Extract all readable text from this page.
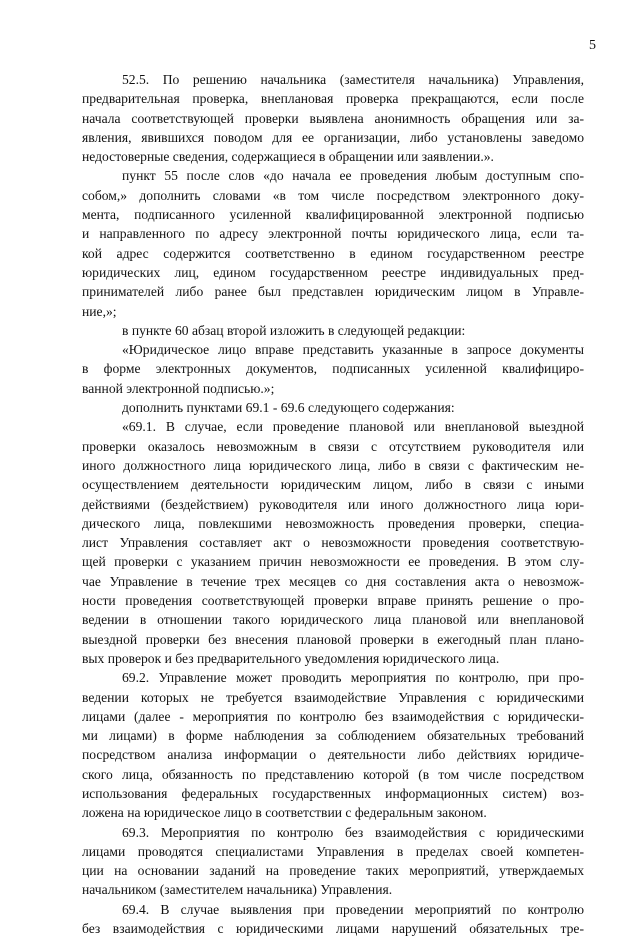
5
52.5. По решению начальника (заместителя начальника) Управления,
предварительная проверка, внеплановая проверка прекращаются, если после
начала соответствующей проверки выявлена анонимность обращения или за-
явления, явившихся поводом для ее организации, либо установлены заведомо
недостоверные сведения, содержащиеся в обращении или заявлении.».
пункт 55 после слов «до начала ее проведения любым доступным спо-
собом,» дополнить словами «в том числе посредством электронного доку-
мента, подписанного усиленной квалифицированной электронной подписью
и направленного по адресу электронной почты юридического лица, если та-
кой адрес содержится соответственно в едином государственном реестре
юридических лиц, едином государственном реестре индивидуальных пред-
принимателей либо ранее был представлен юридическим лицом в Управле-
ние,»;
в пункте 60 абзац второй изложить в следующей редакции:
«Юридическое лицо вправе представить указанные в запросе документы
в форме электронных документов, подписанных усиленной квалифициро-
ванной электронной подписью.»;
дополнить пунктами 69.1 - 69.6 следующего содержания:
«69.1. В случае, если проведение плановой или внеплановой выездной
проверки оказалось невозможным в связи с отсутствием руководителя или
иного должностного лица юридического лица, либо в связи с фактическим не-
осуществлением деятельности юридическим лицом, либо в связи с иными
действиями (бездействием) руководителя или иного должностного лица юри-
дического лица, повлекшими невозможность проведения проверки, специа-
лист Управления составляет акт о невозможности проведения соответствую-
щей проверки с указанием причин невозможности ее проведения. В этом слу-
чае Управление в течение трех месяцев со дня составления акта о невозмож-
ности проведения соответствующей проверки вправе принять решение о про-
ведении в отношении такого юридического лица плановой или внеплановой
выездной проверки без внесения плановой проверки в ежегодный план плано-
вых проверок и без предварительного уведомления юридического лица.
69.2. Управление может проводить мероприятия по контролю, при про-
ведении которых не требуется взаимодействие Управления с юридическими
лицами (далее - мероприятия по контролю без взаимодействия с юридически-
ми лицами) в форме наблюдения за соблюдением обязательных требований
посредством анализа информации о деятельности либо действиях юридиче-
ского лица, обязанность по представлению которой (в том числе посредством
использования федеральных государственных информационных систем) воз-
ложена на юридическое лицо в соответствии с федеральным законом.
69.3. Мероприятия по контролю без взаимодействия с юридическими
лицами проводятся специалистами Управления в пределах своей компетен-
ции на основании заданий на проведение таких мероприятий, утверждаемых
начальником (заместителем начальника) Управления.
69.4. В случае выявления при проведении мероприятий по контролю
без взаимодействия с юридическими лицами нарушений обязательных тре-
